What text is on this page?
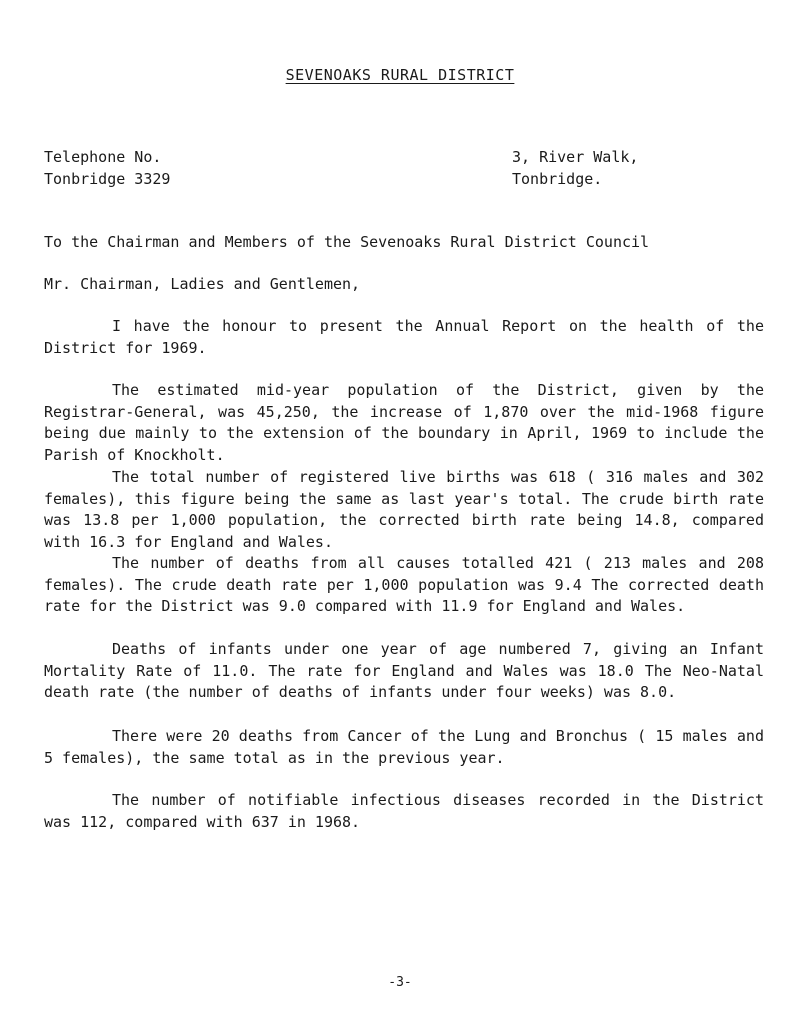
SEVENOAKS RURAL DISTRICT
Telephone No.
Tonbridge 3329
3, River Walk,
Tonbridge.

To the Chairman and Members of the Sevenoaks Rural District Council

Mr. Chairman, Ladies and Gentlemen,

I have the honour to present the Annual Report on the health of the District for 1969.

The estimated mid-year population of the District, given by the Registrar-General, was 45,250, the increase of 1,870 over the mid-1968 figure being due mainly to the extension of the boundary in April, 1969 to include the Parish of Knockholt.

The total number of registered live births was 618 ( 316 males and 302 females), this figure being the same as last year's total. The crude birth rate was 13.8 per 1,000 population, the corrected birth rate being 14.8, compared with 16.3 for England and Wales.

The number of deaths from all causes totalled 421 ( 213 males and 208 females). The crude death rate per 1,000 population was 9.4 The corrected death rate for the District was 9.0 compared with 11.9 for England and Wales.

Deaths of infants under one year of age numbered 7, giving an Infant Mortality Rate of 11.0. The rate for England and Wales was 18.0 The Neo-Natal death rate (the number of deaths of infants under four weeks) was 8.0.

There were 20 deaths from Cancer of the Lung and Bronchus ( 15 males and 5 females), the same total as in the previous year.

The number of notifiable infectious diseases recorded in the District was 112, compared with 637 in 1968.

-3-
